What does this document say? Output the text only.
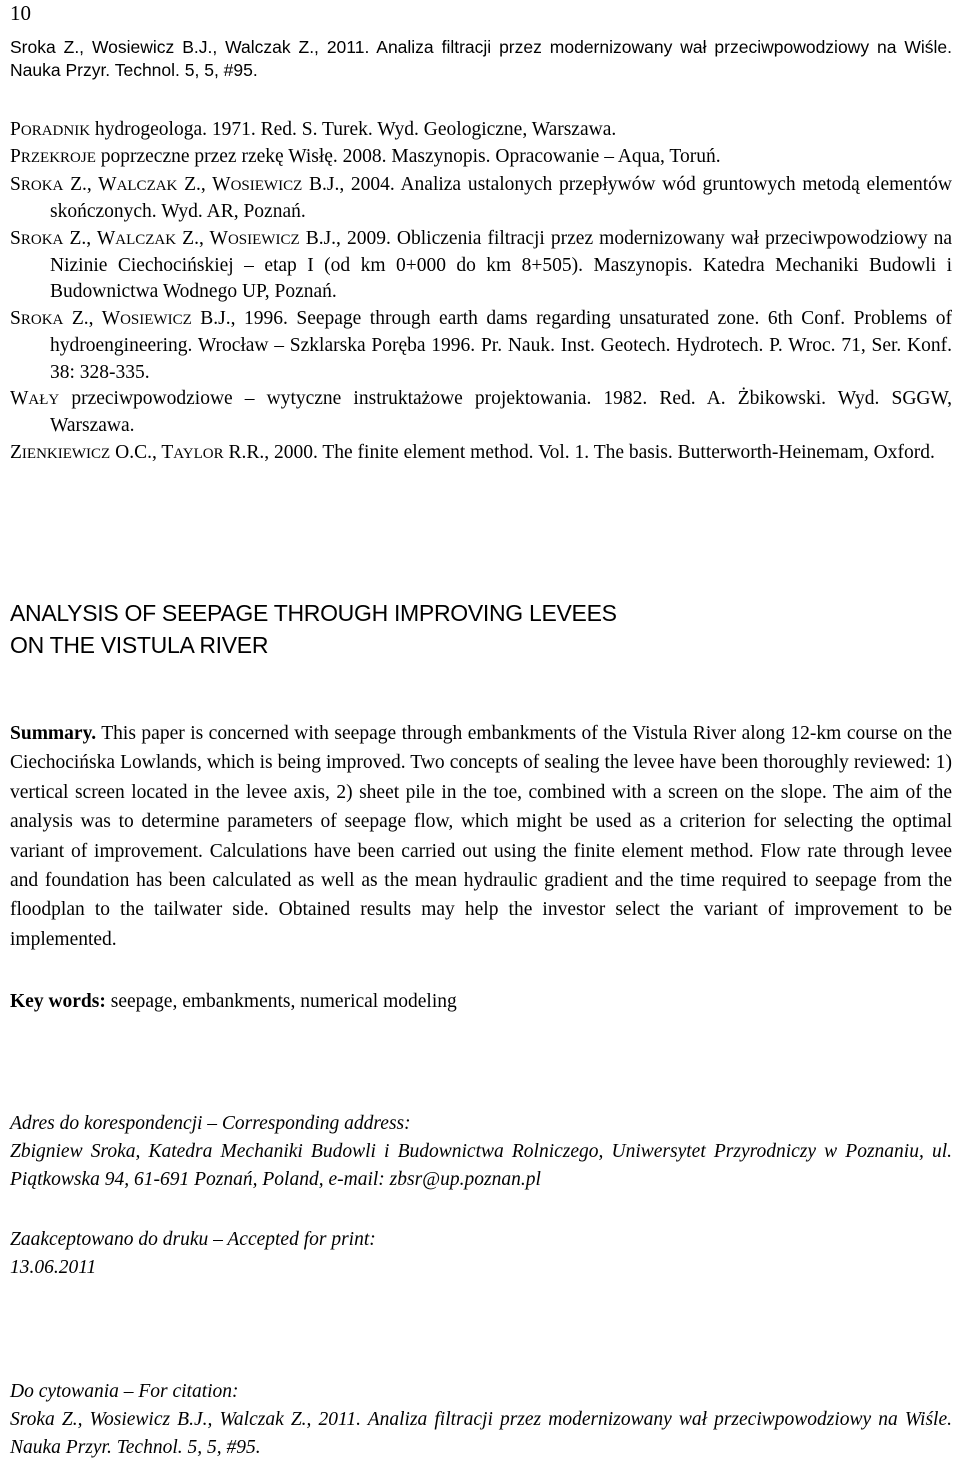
10
Sroka Z., Wosiewicz B.J., Walczak Z., 2011. Analiza filtracji przez modernizowany wał przeciwpowodziowy na Wiśle. Nauka Przyr. Technol. 5, 5, #95.
PORADNIK hydrogeologa. 1971. Red. S. Turek. Wyd. Geologiczne, Warszawa.
PRZEKROJE poprzeczne przez rzekę Wisłę. 2008. Maszynopis. Opracowanie – Aqua, Toruń.
SROKA Z., WALCZAK Z., WOSIEWICZ B.J., 2004. Analiza ustalonych przepływów wód gruntowych metodą elementów skończonych. Wyd. AR, Poznań.
SROKA Z., WALCZAK Z., WOSIEWICZ B.J., 2009. Obliczenia filtracji przez modernizowany wał przeciwpowodziowy na Nizinie Ciechocińskiej – etap I (od km 0+000 do km 8+505). Maszynopis. Katedra Mechaniki Budowli i Budownictwa Wodnego UP, Poznań.
SROKA Z., WOSIEWICZ B.J., 1996. Seepage through earth dams regarding unsaturated zone. 6th Conf. Problems of hydroengineering. Wrocław – Szklarska Poręba 1996. Pr. Nauk. Inst. Geotech. Hydrotech. P. Wroc. 71, Ser. Konf. 38: 328-335.
WAŁY przeciwpowodziowe – wytyczne instruktażowe projektowania. 1982. Red. A. Żbikowski. Wyd. SGGW, Warszawa.
ZIENKIEWICZ O.C., TAYLOR R.R., 2000. The finite element method. Vol. 1. The basis. Butterworth-Heinemam, Oxford.
ANALYSIS OF SEEPAGE THROUGH IMPROVING LEVEES
ON THE VISTULA RIVER
Summary. This paper is concerned with seepage through embankments of the Vistula River along 12-km course on the Ciechocińska Lowlands, which is being improved. Two concepts of sealing the levee have been thoroughly reviewed: 1) vertical screen located in the levee axis, 2) sheet pile in the toe, combined with a screen on the slope. The aim of the analysis was to determine parameters of seepage flow, which might be used as a criterion for selecting the optimal variant of improvement. Calculations have been carried out using the finite element method. Flow rate through levee and foundation has been calculated as well as the mean hydraulic gradient and the time required to seepage from the floodplan to the tailwater side. Obtained results may help the investor select the variant of improvement to be implemented.
Key words: seepage, embankments, numerical modeling
Adres do korespondencji – Corresponding address:
Zbigniew Sroka, Katedra Mechaniki Budowli i Budownictwa Rolniczego, Uniwersytet Przyrodniczy w Poznaniu, ul. Piątkowska 94, 61-691 Poznań, Poland, e-mail: zbsr@up.poznan.pl
Zaakceptowano do druku – Accepted for print:
13.06.2011
Do cytowania – For citation:
Sroka Z., Wosiewicz B.J., Walczak Z., 2011. Analiza filtracji przez modernizowany wał przeciwpowodziowy na Wiśle. Nauka Przyr. Technol. 5, 5, #95.
